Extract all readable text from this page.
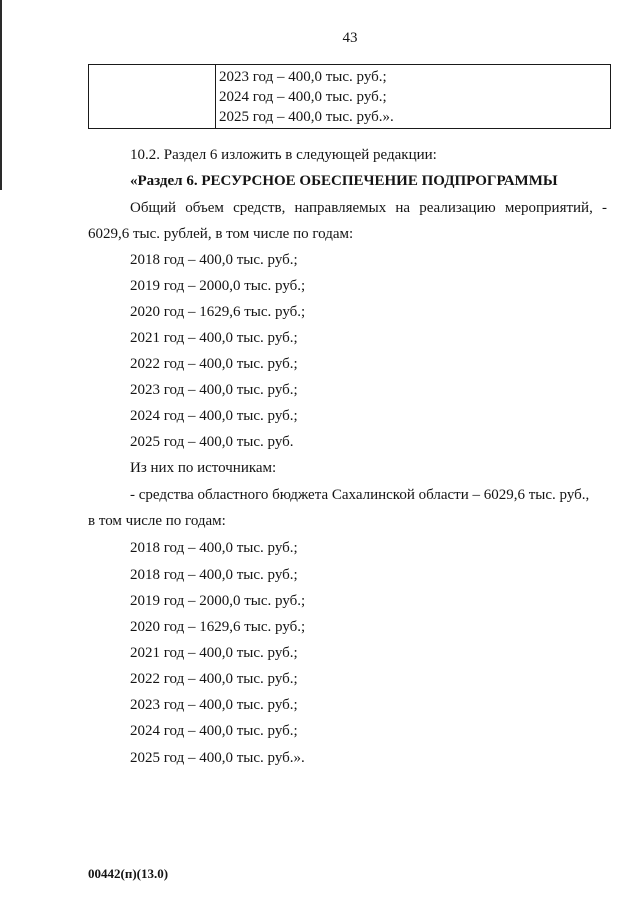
43
2023 год – 400,0 тыс. руб.;
2024 год – 400,0 тыс. руб.;
2025 год – 400,0 тыс. руб.».
10.2. Раздел 6 изложить в следующей редакции:
«Раздел 6. РЕСУРСНОЕ ОБЕСПЕЧЕНИЕ ПОДПРОГРАММЫ
Общий объем средств, направляемых на реализацию мероприятий, -
6029,6 тыс. рублей, в том числе по годам:
2018 год – 400,0 тыс. руб.;
2019 год – 2000,0 тыс. руб.;
2020 год – 1629,6 тыс. руб.;
2021 год – 400,0 тыс. руб.;
2022 год – 400,0 тыс. руб.;
2023 год – 400,0 тыс. руб.;
2024 год – 400,0 тыс. руб.;
2025 год – 400,0 тыс. руб.
Из них по источникам:
- средства областного бюджета Сахалинской области – 6029,6 тыс. руб.,
в том числе по годам:
2018 год – 400,0 тыс. руб.;
2018 год – 400,0 тыс. руб.;
2019 год – 2000,0 тыс. руб.;
2020 год – 1629,6 тыс. руб.;
2021 год – 400,0 тыс. руб.;
2022 год – 400,0 тыс. руб.;
2023 год – 400,0 тыс. руб.;
2024 год – 400,0 тыс. руб.;
2025 год – 400,0 тыс. руб.».
00442(п)(13.0)
